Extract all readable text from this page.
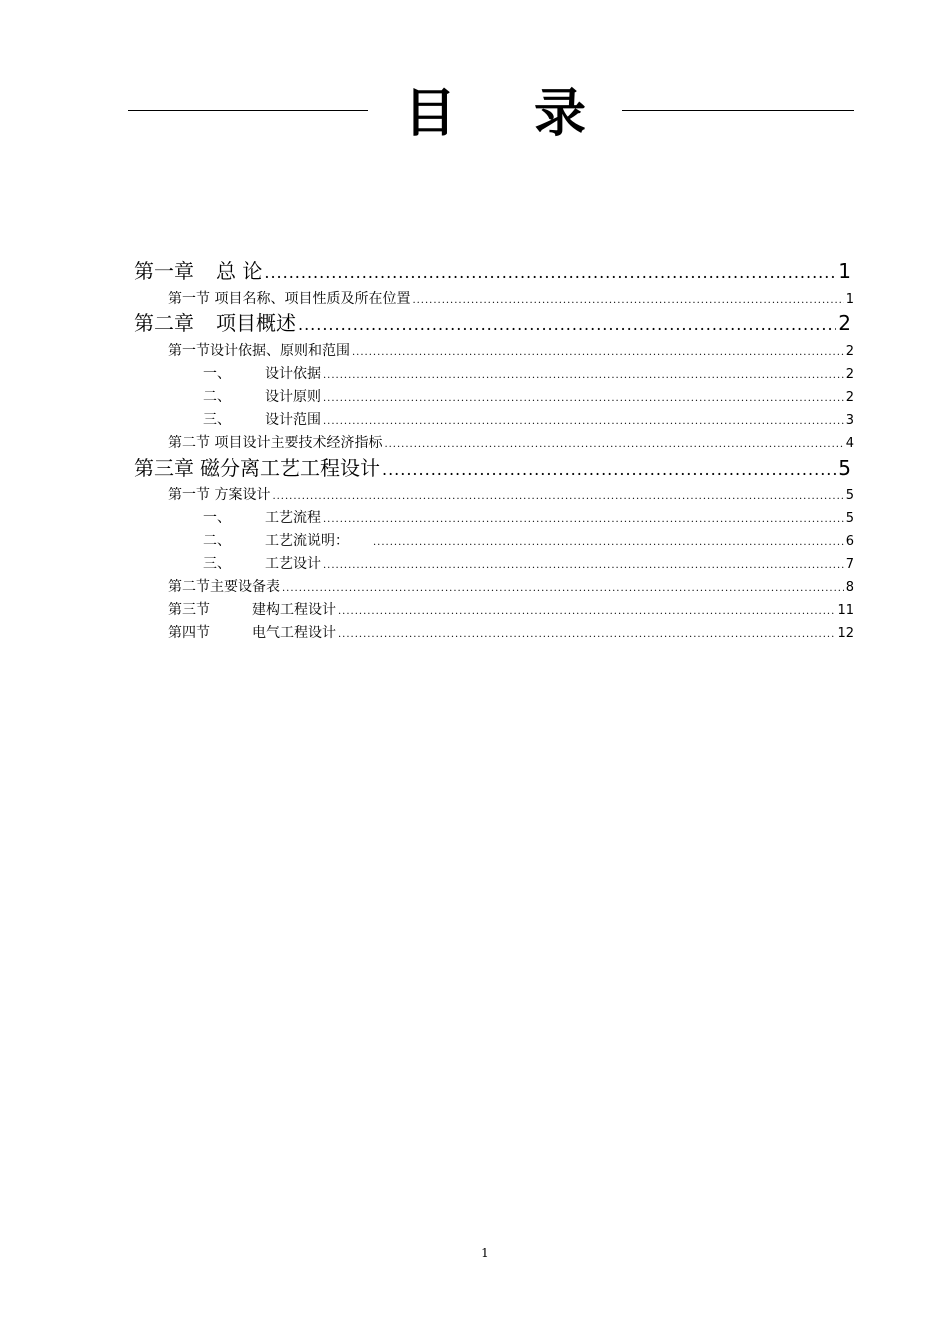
目 录
第一章 总 论 .....	1
第一节 项目名称、项目性质及所在位置 .....	1
第二章 项目概述 .....	2
第一节设计依据、原则和范围 .....	2
一、	设计依据 .....	2
二、	设计原则 .....	2
三、	设计范围 .....	3
第二节 项目设计主要技术经济指标 .....	4
第三章 磁分离工艺工程设计 .....	5
第一节 方案设计 .....	5
一、	工艺流程 .....	5
二、	工艺流说明： .....	6
三、	工艺设计 .....	7
第二节主要设备表 .....	8
第三节	建构工程设计 .....	11
第四节	电气工程设计 .....	12
1
